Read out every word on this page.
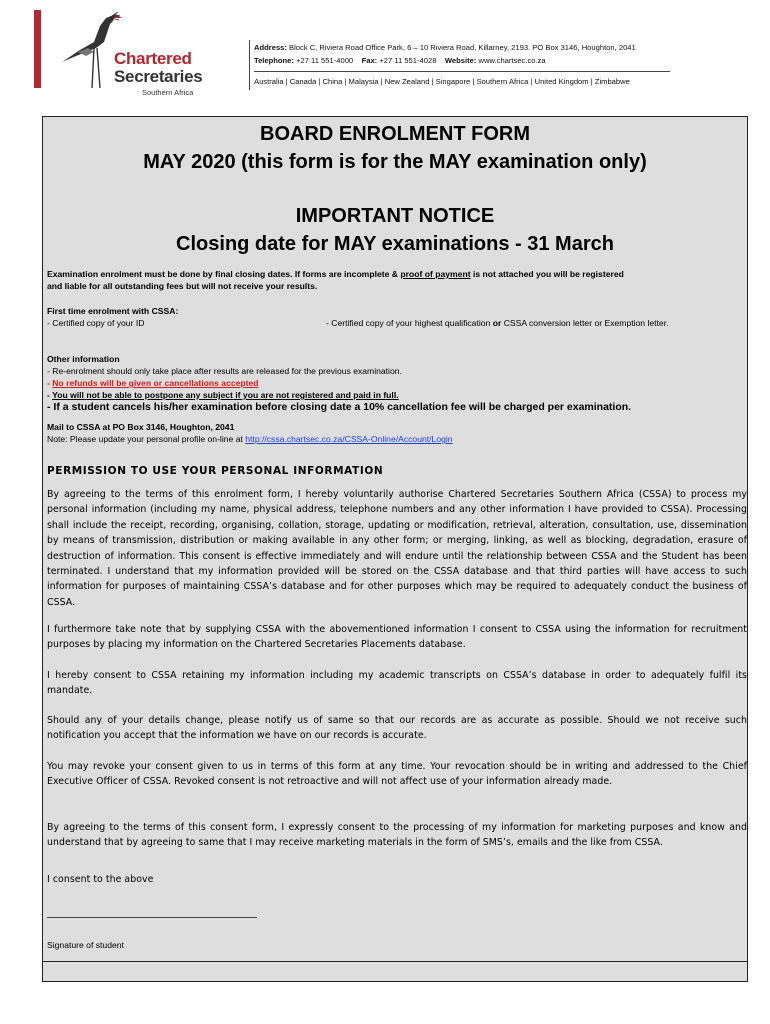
Chartered
Secretaries
Southern Africa
Address: Block C, Riviera Road Office Park, 6 – 10 Riviera Road, Killarney, 2193. PO Box 3146, Houghton, 2041
Telephone: +27 11 551-4000 Fax: +27 11 551-4028 Website: www.chartsec.co.za
Australia | Canada | China | Malaysia | New Zealand | Singapore | Southern Africa | United Kingdom | Zimbabwe
BOARD ENROLMENT FORM
MAY 2020 (this form is for the MAY examination only)
IMPORTANT NOTICE
Closing date for MAY examinations - 31 March
Examination enrolment must be done by final closing dates. If forms are incomplete & proof of payment is not attached you will be registered
and liable for all outstanding fees but will not receive your results.
First time enrolment with CSSA:
- Certified copy of your ID	- Certified copy of your highest qualification or CSSA conversion letter or Exemption letter.
Other information
- Re-enrolment should only take place after results are released for the previous examination.
- No refunds will be given or cancellations accepted
- You will not be able to postpone any subject if you are not registered and paid in full.
- If a student cancels his/her examination before closing date a 10% cancellation fee will be charged per examination.
Mail to CSSA at PO Box 3146, Houghton, 2041
Note: Please update your personal profile on-line at http://cssa.chartsec.co.za/CSSA-Online/Account/Login
PERMISSION TO USE YOUR PERSONAL INFORMATION
By agreeing to the terms of this enrolment form, I hereby voluntarily authorise Chartered Secretaries Southern Africa (CSSA) to process my personal information (including my name, physical address, telephone numbers and any other information I have provided to CSSA). Processing shall include the receipt, recording, organising, collation, storage, updating or modification, retrieval, alteration, consultation, use, dissemination by means of transmission, distribution or making available in any other form; or merging, linking, as well as blocking, degradation, erasure of destruction of information. This consent is effective immediately and will endure until the relationship between CSSA and the Student has been terminated. I understand that my information provided will be stored on the CSSA database and that third parties will have access to such information for purposes of maintaining CSSA’s database and for other purposes which may be required to adequately conduct the business of CSSA.
I furthermore take note that by supplying CSSA with the abovementioned information I consent to CSSA using the information for recruitment purposes by placing my information on the Chartered Secretaries Placements database.
I hereby consent to CSSA retaining my information including my academic transcripts on CSSA’s database in order to adequately fulfil its mandate.
Should any of your details change, please notify us of same so that our records are as accurate as possible. Should we not receive such notification you accept that the information we have on our records is accurate.
You may revoke your consent given to us in terms of this form at any time. Your revocation should be in writing and addressed to the Chief Executive Officer of CSSA. Revoked consent is not retroactive and will not affect use of your information already made.
By agreeing to the terms of this consent form, I expressly consent to the processing of my information for marketing purposes and know and understand that by agreeing to same that I may receive marketing materials in the form of SMS’s, emails and the like from CSSA.
I consent to the above
Signature of student
